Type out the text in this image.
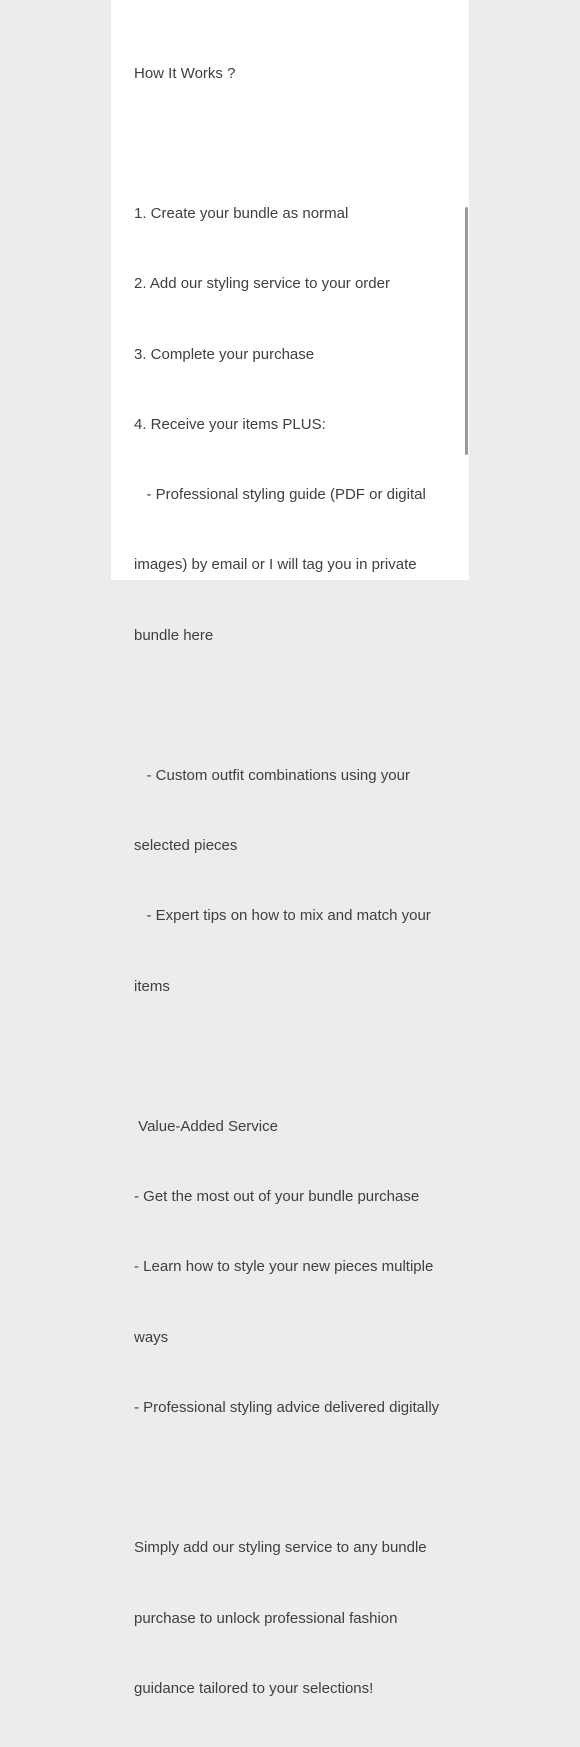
How It Works ?

1. Create your bundle as normal

2. Add our styling service to your order

3. Complete your purchase

4. Receive your items PLUS:

- Professional styling guide (PDF or digital

images) by email or I will tag you in private

bundle here

- Custom outfit combinations using your

selected pieces

- Expert tips on how to mix and match your

items

Value-Added Service

- Get the most out of your bundle purchase

- Learn how to style your new pieces multiple

ways

- Professional styling advice delivered digitally

Simply add our styling service to any bundle

purchase to unlock professional fashion

guidance tailored to your selections!
